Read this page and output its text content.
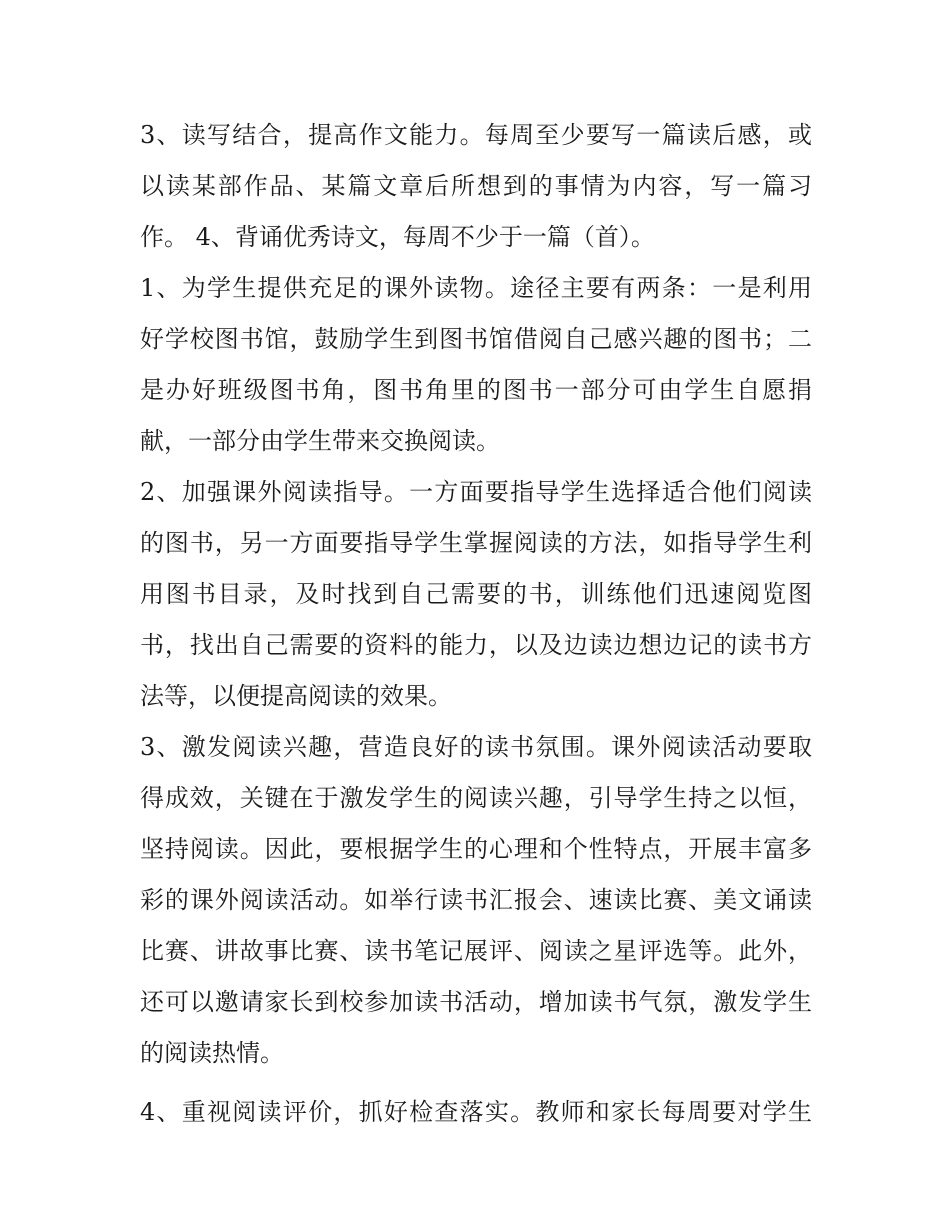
3、读写结合，提高作文能力。每周至少要写一篇读后感，或
以读某部作品、某篇文章后所想到的事情为内容，写一篇习
作。 4、背诵优秀诗文，每周不少于一篇（首）。
1、为学生提供充足的课外读物。途径主要有两条：一是利用
好学校图书馆，鼓励学生到图书馆借阅自己感兴趣的图书；二
是办好班级图书角，图书角里的图书一部分可由学生自愿捐
献，一部分由学生带来交换阅读。
2、加强课外阅读指导。一方面要指导学生选择适合他们阅读
的图书，另一方面要指导学生掌握阅读的方法，如指导学生利
用图书目录，及时找到自己需要的书，训练他们迅速阅览图
书，找出自己需要的资料的能力，以及边读边想边记的读书方
法等，以便提高阅读的效果。
3、激发阅读兴趣，营造良好的读书氛围。课外阅读活动要取
得成效，关键在于激发学生的阅读兴趣，引导学生持之以恒，
坚持阅读。因此，要根据学生的心理和个性特点，开展丰富多
彩的课外阅读活动。如举行读书汇报会、速读比赛、美文诵读
比赛、讲故事比赛、读书笔记展评、阅读之星评选等。此外，
还可以邀请家长到校参加读书活动，增加读书气氛，激发学生
的阅读热情。
4、重视阅读评价，抓好检查落实。教师和家长每周要对学生
